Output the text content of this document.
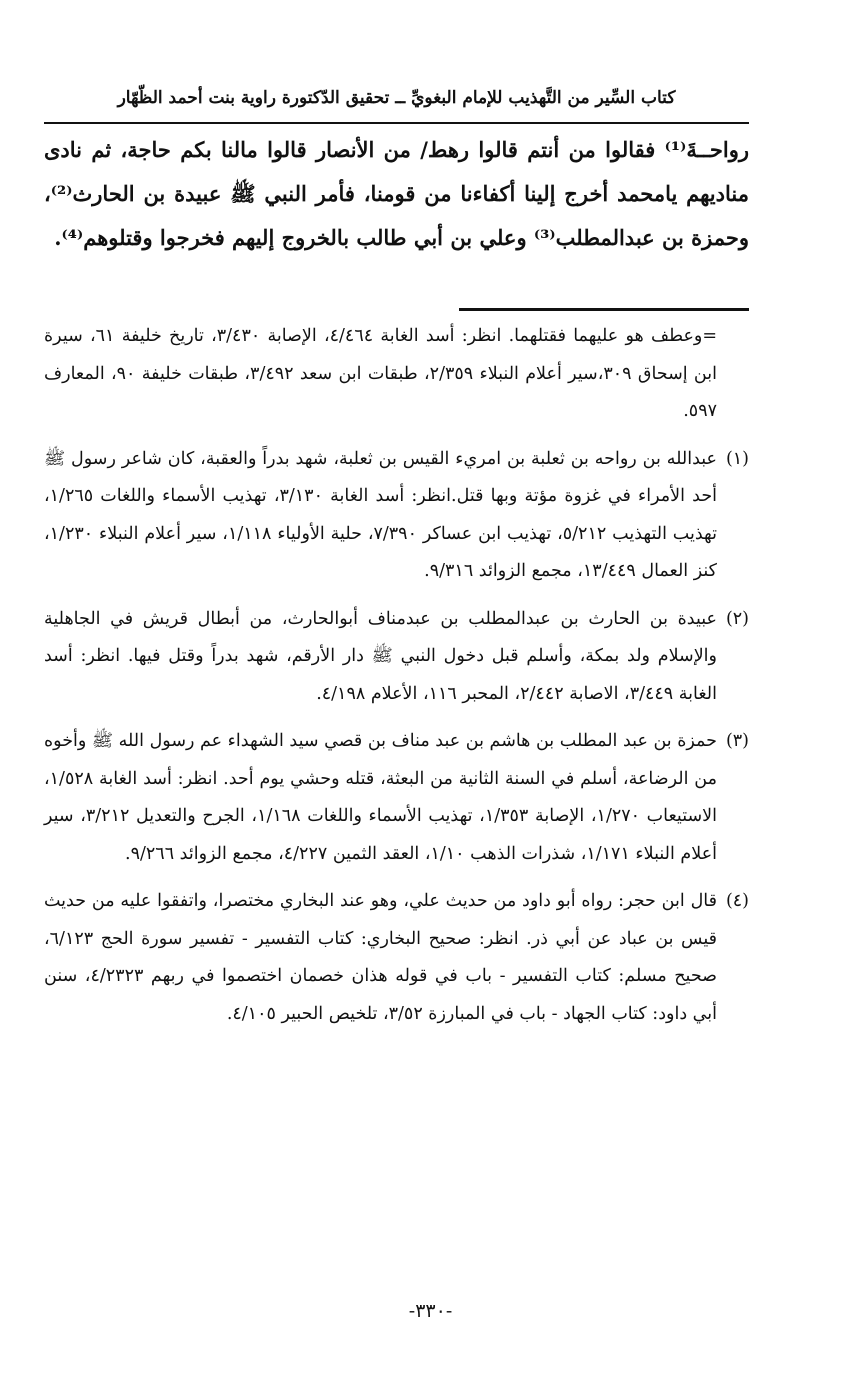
كتاب السِّير من التَّهذيب للإمام البغويِّ ــ تحقيق الدّكتورة راوية بنت أحمد الظّهّار

رواحــةَ⁽¹⁾ فقالوا من أنتم قالوا رهط/ من الأنصار قالوا مالنا بكم حاجة، ثم نادى مناديهم يامحمد أخرج إلينا أكفاءنا من قومنا، فأمر النبي ﷺ عبيدة بن الحارث⁽²⁾، وحمزة بن عبدالمطلب⁽³⁾ وعلي بن أبي طالب بالخروج إليهم فخرجوا وقتلوهم⁽⁴⁾.

=وعطف هو عليهما فقتلهما. انظر: أسد الغابة ٤/٤٦٤، الإصابة ٣/٤٣٠، تاريخ خليفة ٦١، سيرة ابن إسحاق ٣٠٩،سير أعلام النبلاء ٢/٣٥٩، طبقات ابن سعد ٣/٤٩٢، طبقات خليفة ٩٠، المعارف ٥٩٧.
(١)
عبدالله بن رواحه بن ثعلبة بن امريء القيس بن ثعلبة، شهد بدراً والعقبة، كان شاعر رسول ﷺ أحد الأمراء في غزوة مؤتة وبها قتل.انظر: أسد الغابة ٣/١٣٠، تهذيب الأسماء واللغات ١/٢٦٥، تهذيب التهذيب ٥/٢١٢، تهذيب ابن عساكر ٧/٣٩٠، حلية الأولياء ١/١١٨، سير أعلام النبلاء ١/٢٣٠، كنز العمال ١٣/٤٤٩، مجمع الزوائد ٩/٣١٦.
(٢)
عبيدة بن الحارث بن عبدالمطلب بن عبدمناف أبوالحارث، من أبطال قريش في الجاهلية والإسلام ولد بمكة، وأسلم قبل دخول النبي ﷺ دار الأرقم، شهد بدراً وقتل فيها. انظر: أسد الغابة ٣/٤٤٩، الاصابة ٢/٤٤٢، المحبر ١١٦، الأعلام ٤/١٩٨.
(٣)
حمزة بن عبد المطلب بن هاشم بن عبد مناف بن قصي سيد الشهداء عم رسول الله ﷺ وأخوه من الرضاعة، أسلم في السنة الثانية من البعثة، قتله وحشي يوم أحد. انظر: أسد الغابة ١/٥٢٨، الاستيعاب ١/٢٧٠، الإصابة ١/٣٥٣، تهذيب الأسماء واللغات ١/١٦٨، الجرح والتعديل ٣/٢١٢، سير أعلام النبلاء ١/١٧١، شذرات الذهب ١/١٠، العقد الثمين ٤/٢٢٧، مجمع الزوائد ٩/٢٦٦.
(٤)
قال ابن حجر: رواه أبو داود من حديث علي، وهو عند البخاري مختصرا، واتفقوا عليه من حديث قيس بن عباد عن أبي ذر. انظر: صحيح البخاري: كتاب التفسير - تفسير سورة الحج ٦/١٢٣، صحيح مسلم: كتاب التفسير - باب في قوله هذان خصمان اختصموا في ربهم ٤/٢٣٢٣، سنن أبي داود: كتاب الجهاد - باب في المبارزة ٣/٥٢، تلخيص الحبير ٤/١٠٥.
-٣٣٠-
